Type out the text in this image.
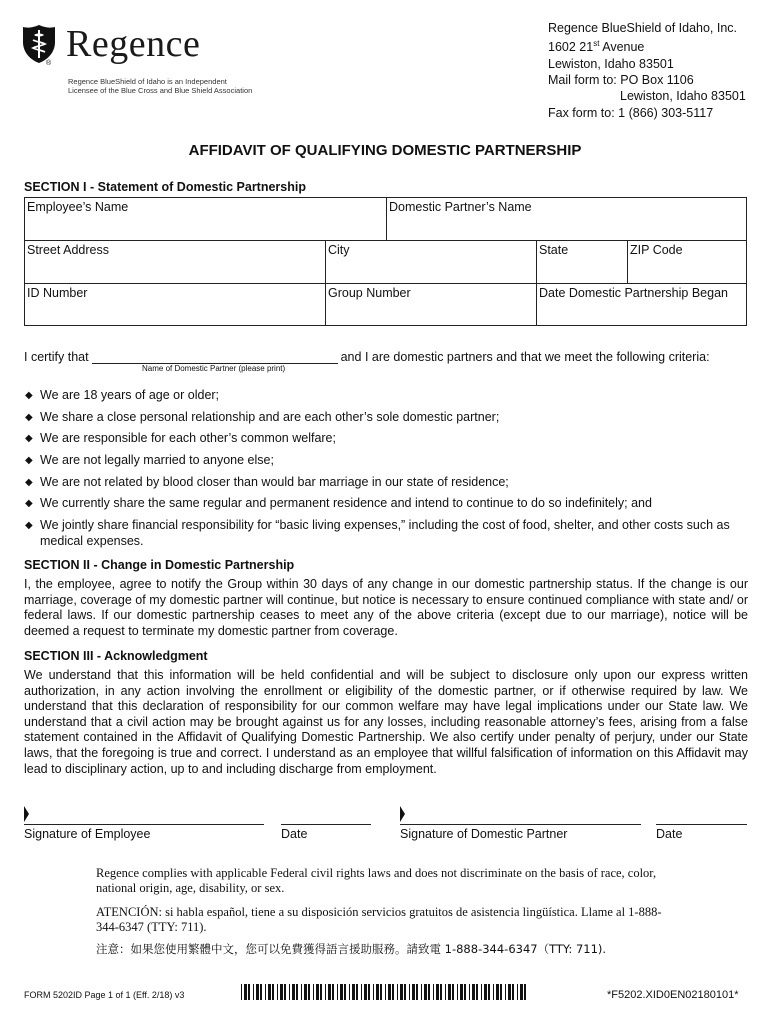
Regence
®
Regence BlueShield of Idaho is an Independent
Licensee of the Blue Cross and Blue Shield Association
Regence BlueShield of Idaho, Inc.
1602 21st Avenue
Lewiston, Idaho 83501
Mail form to: PO Box 1106
Lewiston, Idaho 83501
Fax form to: 1 (866) 303-5117
AFFIDAVIT OF QUALIFYING DOMESTIC PARTNERSHIP
SECTION I - Statement of Domestic Partnership
Employee’s Name	Domestic Partner’s Name
Street Address	City	State	ZIP Code
ID Number	Group Number	Date Domestic Partnership Began
I certify that	and I are domestic partners and that we meet the following criteria:
Name of Domestic Partner (please print)
◆ We are 18 years of age or older;
◆ We share a close personal relationship and are each other’s sole domestic partner;
◆ We are responsible for each other’s common welfare;
◆ We are not legally married to anyone else;
◆ We are not related by blood closer than would bar marriage in our state of residence;
◆ We currently share the same regular and permanent residence and intend to continue to do so indefinitely; and
◆ We jointly share financial responsibility for “basic living expenses,” including the cost of food, shelter, and other costs such as medical expenses.
SECTION II - Change in Domestic Partnership
I, the employee, agree to notify the Group within 30 days of any change in our domestic partnership status. If the change is our marriage, coverage of my domestic partner will continue, but notice is necessary to ensure continued compliance with state and/ or federal laws. If our domestic partnership ceases to meet any of the above criteria (except due to our marriage), notice will be deemed a request to terminate my domestic partner from coverage.
SECTION III - Acknowledgment
We understand that this information will be held confidential and will be subject to disclosure only upon our express written authorization, in any action involving the enrollment or eligibility of the domestic partner, or if otherwise required by law. We understand that this declaration of responsibility for our common welfare may have legal implications under our State law. We understand that a civil action may be brought against us for any losses, including reasonable attorney’s fees, arising from a false statement contained in the Affidavit of Qualifying Domestic Partnership. We also certify under penalty of perjury, under our State laws, that the foregoing is true and correct. I understand as an employee that willful falsification of information on this Affidavit may lead to disciplinary action, up to and including discharge from employment.
Signature of Employee	Date	Signature of Domestic Partner	Date
Regence complies with applicable Federal civil rights laws and does not discriminate on the basis of race, color, national origin, age, disability, or sex.
ATENCIÓN: si habla español, tiene a su disposición servicios gratuitos de asistencia lingüística. Llame al 1-888-344-6347 (TTY: 711).
注意：如果您使用繁體中文，您可以免費獲得語言援助服務。請致電 1-888-344-6347（TTY: 711).
FORM 5202ID Page 1 of 1 (Eff. 2/18) v3	*F5202.XID0EN02180101*
